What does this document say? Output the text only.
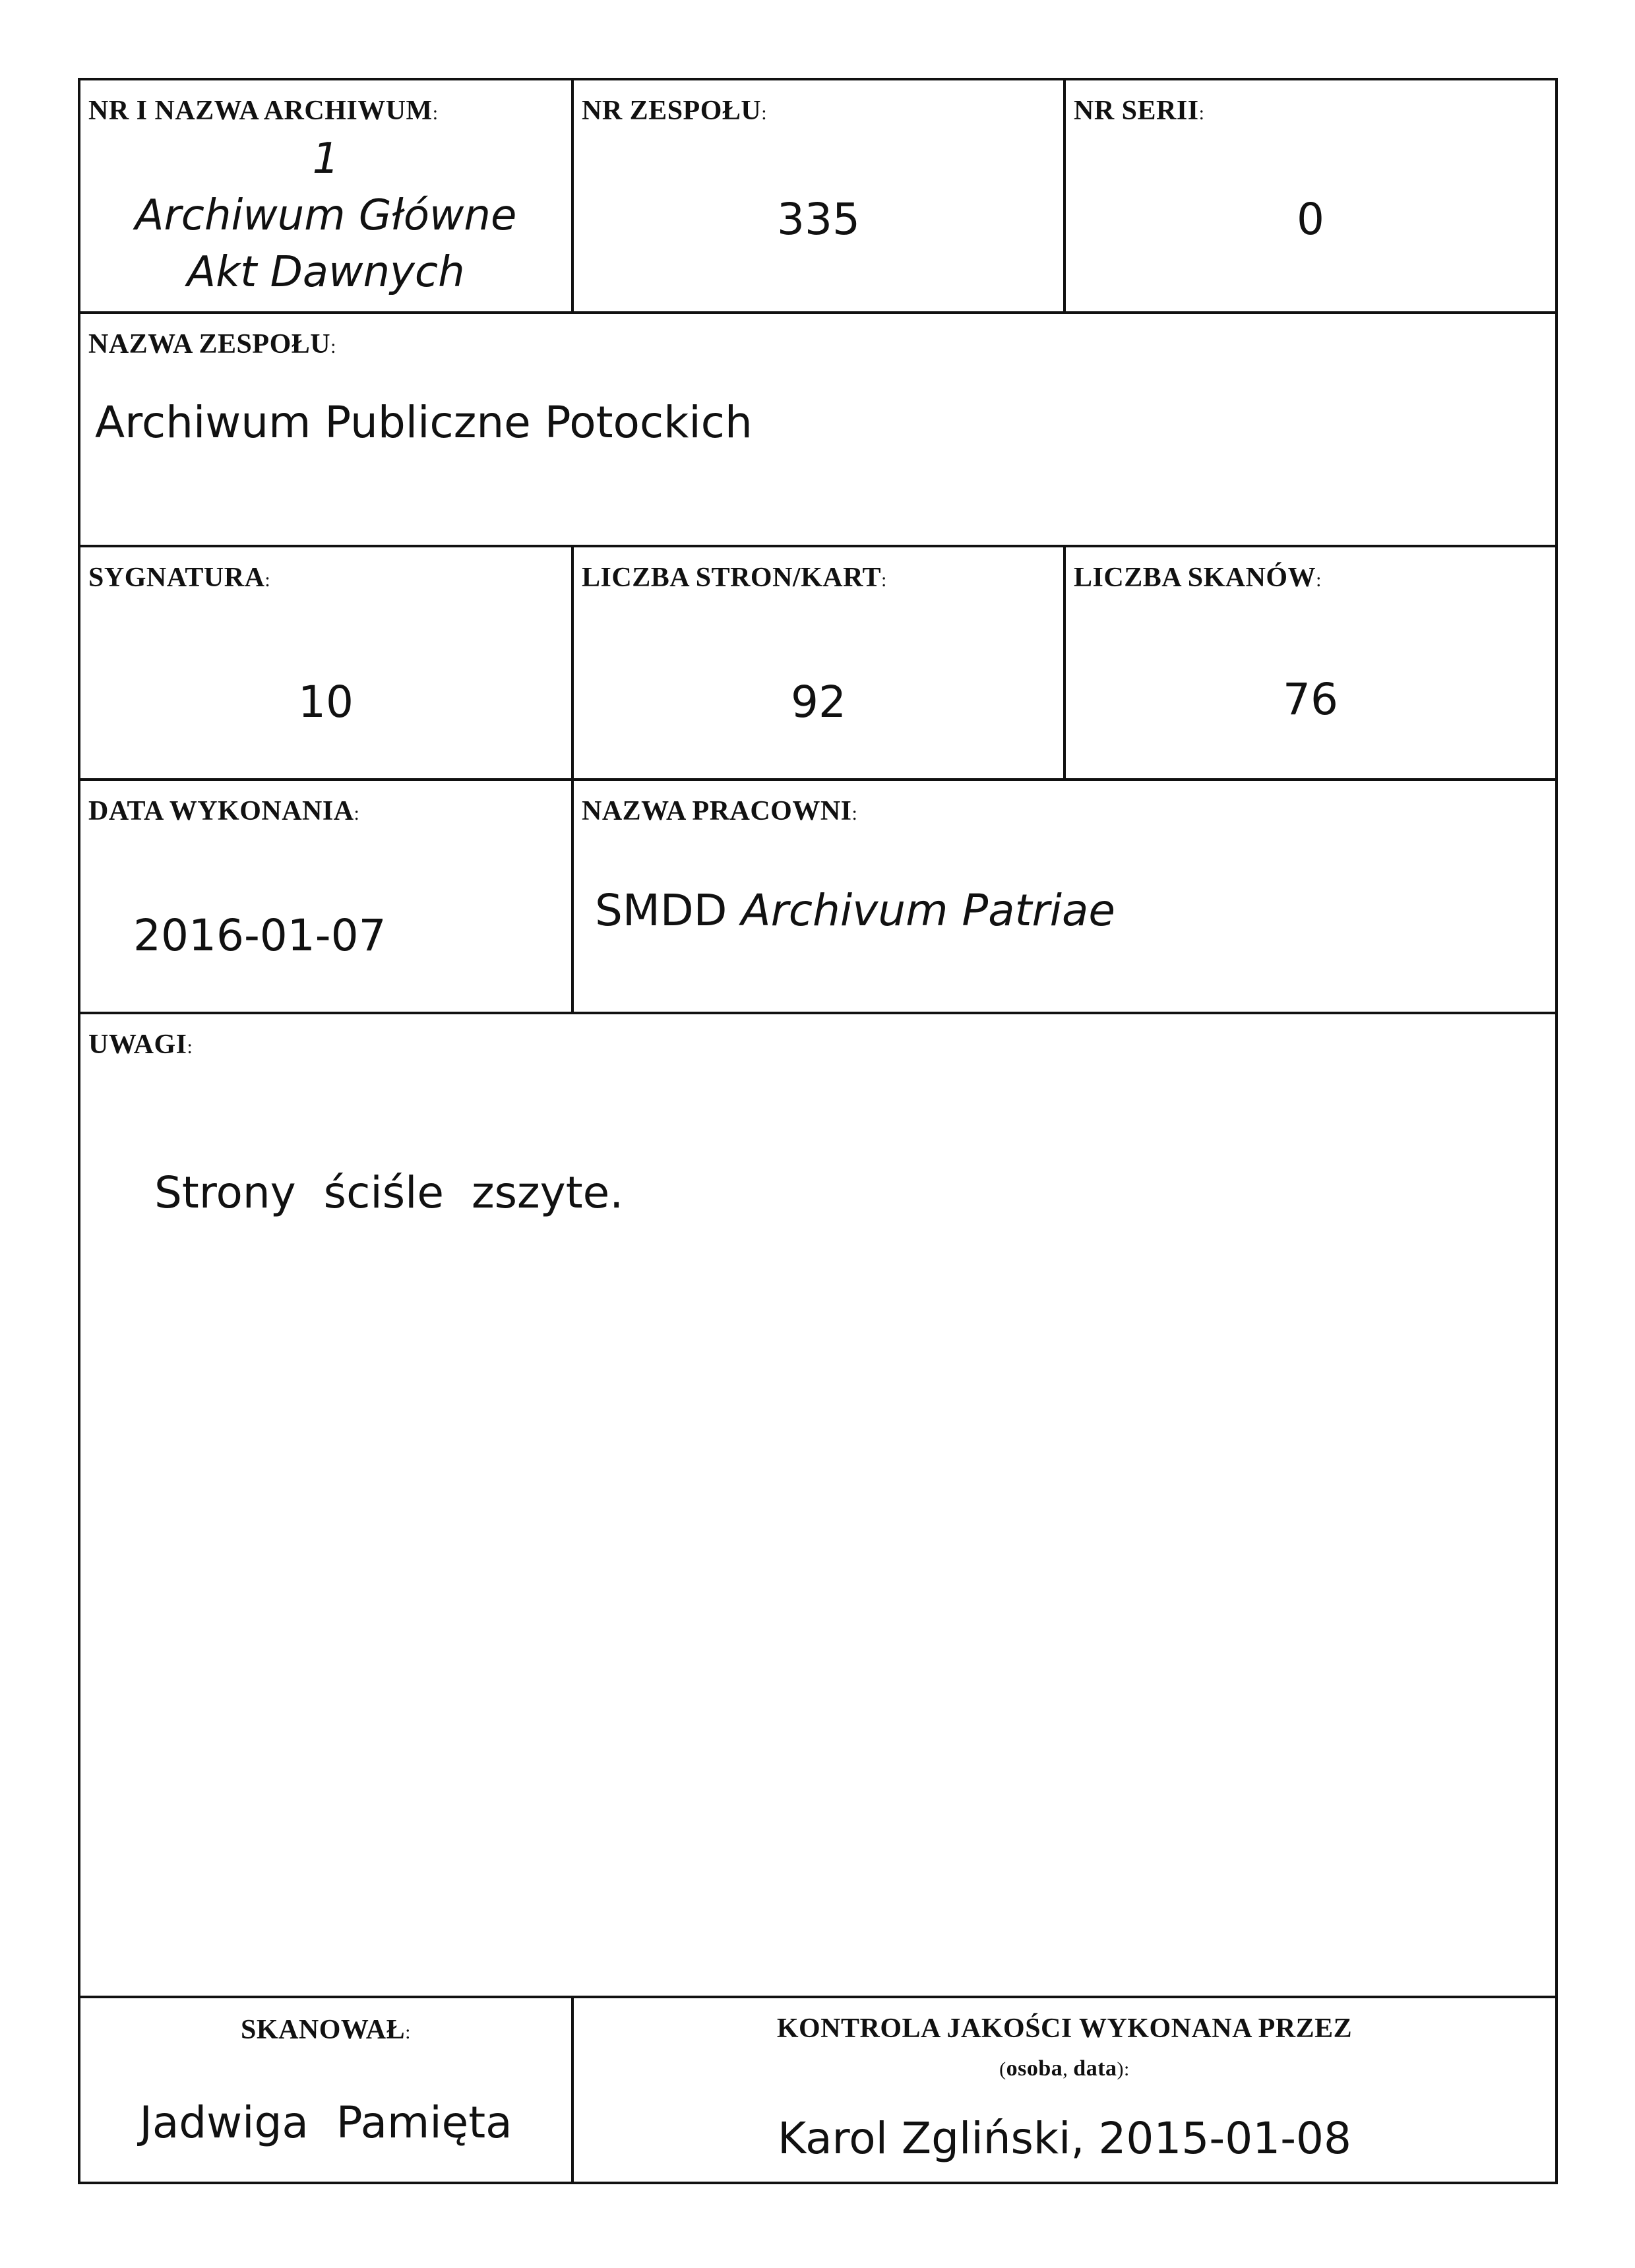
NR I NAZWA ARCHIWUM:
1
Archiwum Główne
Akt Dawnych
NR ZESPOŁU:
335
NR SERII:
0
NAZWA ZESPOŁU:
Archiwum Publiczne Potockich
SYGNATURA:
10
LICZBA STRON/KART:
92
LICZBA SKANÓW:
76
DATA WYKONANIA:
2016-01-07
NAZWA PRACOWNI:
SMDD Archivum Patriae
UWAGI:
Strony  ściśle  zszyte.
SKANOWAŁ:
Jadwiga  Pamięta
KONTROLA JAKOŚCI WYKONANA PRZEZ
(osoba, data):
Karol Zgliński, 2015-01-08
